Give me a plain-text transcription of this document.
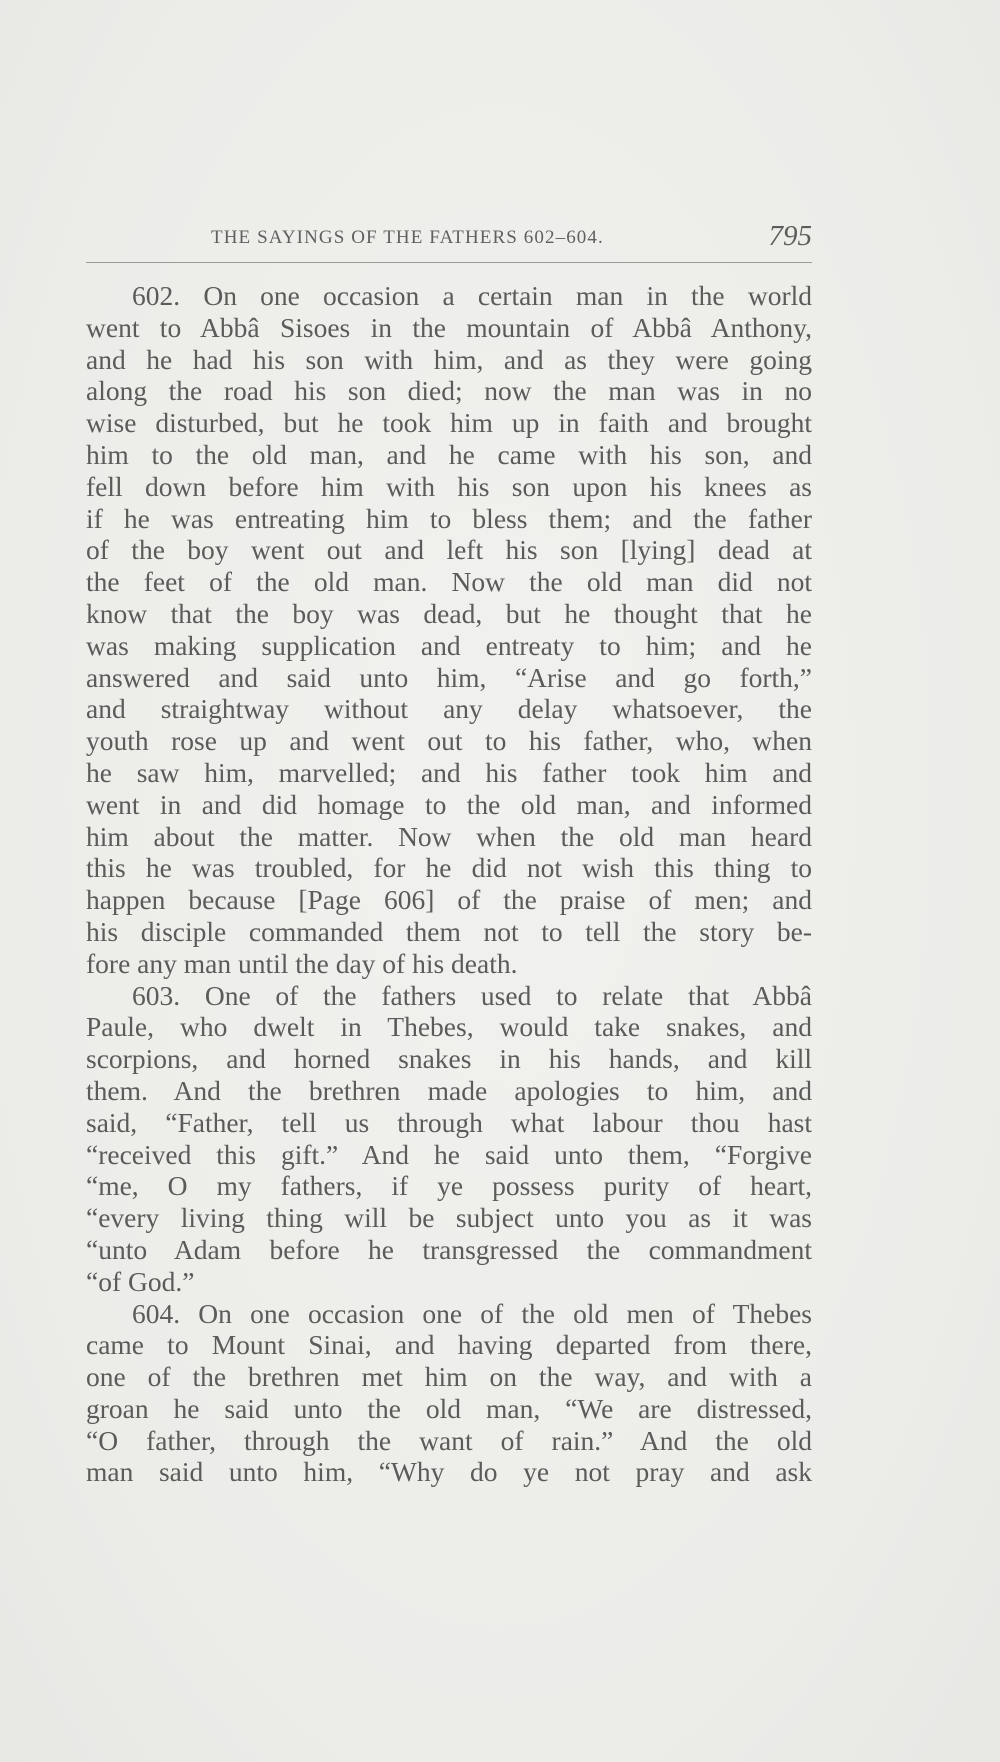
THE SAYINGS OF THE FATHERS 602–604.	795
602. On one occasion a certain man in the world
went to Abbâ Sisoes in the mountain of Abbâ Anthony,
and he had his son with him, and as they were going
along the road his son died; now the man was in no
wise disturbed, but he took him up in faith and brought
him to the old man, and he came with his son, and
fell down before him with his son upon his knees as
if he was entreating him to bless them; and the father
of the boy went out and left his son [lying] dead at
the feet of the old man. Now the old man did not
know that the boy was dead, but he thought that he
was making supplication and entreaty to him; and he
answered and said unto him, “Arise and go forth,”
and straightway without any delay whatsoever, the
youth rose up and went out to his father, who, when
he saw him, marvelled; and his father took him and
went in and did homage to the old man, and informed
him about the matter. Now when the old man heard
this he was troubled, for he did not wish this thing to
happen because [Page 606] of the praise of men; and
his disciple commanded them not to tell the story be-
fore any man until the day of his death.
603. One of the fathers used to relate that Abbâ
Paule, who dwelt in Thebes, would take snakes, and
scorpions, and horned snakes in his hands, and kill
them. And the brethren made apologies to him, and
said, “Father, tell us through what labour thou hast
“received this gift.” And he said unto them, “Forgive
“me, O my fathers, if ye possess purity of heart,
“every living thing will be subject unto you as it was
“unto Adam before he transgressed the commandment
“of God.”
604. On one occasion one of the old men of Thebes
came to Mount Sinai, and having departed from there,
one of the brethren met him on the way, and with a
groan he said unto the old man, “We are distressed,
“O father, through the want of rain.” And the old
man said unto him, “Why do ye not pray and ask
